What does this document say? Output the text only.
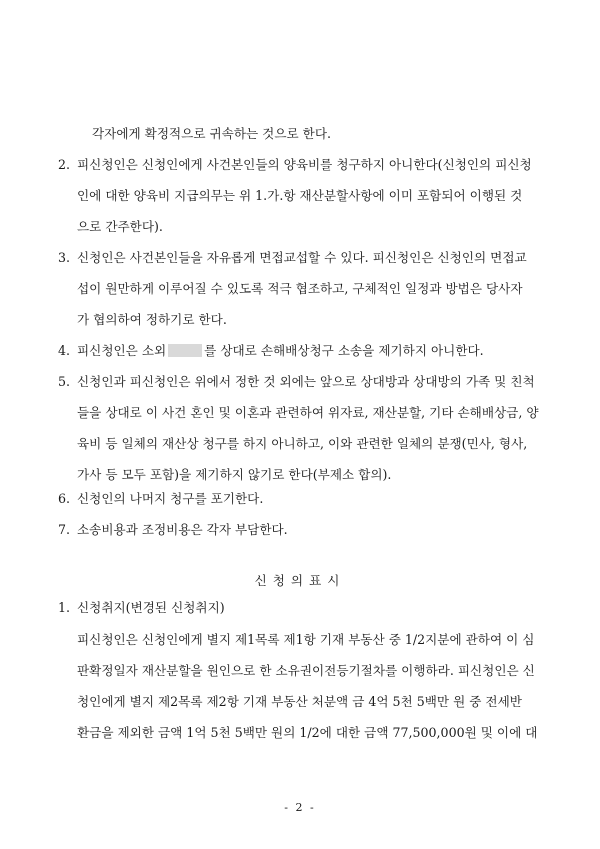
각자에게 확정적으로 귀속하는 것으로 한다.
2. 피신청인은 신청인에게 사건본인들의 양육비를 청구하지 아니한다(신청인의 피신청
인에 대한 양육비 지급의무는 위 1.가.항 재산분할사항에 이미 포함되어 이행된 것
으로 간주한다).
3. 신청인은 사건본인들을 자유롭게 면접교섭할 수 있다. 피신청인은 신청인의 면접교
섭이 원만하게 이루어질 수 있도록 적극 협조하고, 구체적인 일정과 방법은 당사자
가 협의하여 정하기로 한다.
4. 피신청인은 소외	를 상대로 손해배상청구 소송을 제기하지 아니한다.
5. 신청인과 피신청인은 위에서 정한 것 외에는 앞으로 상대방과 상대방의 가족 및 친척
들을 상대로 이 사건 혼인 및 이혼과 관련하여 위자료, 재산분할, 기타 손해배상금, 양
육비 등 일체의 재산상 청구를 하지 아니하고, 이와 관련한 일체의 분쟁(민사, 형사,
가사 등 모두 포함)을 제기하지 않기로 한다(부제소 합의).
6. 신청인의 나머지 청구를 포기한다.
7. 소송비용과 조정비용은 각자 부담한다.
신청의표시
1. 신청취지(변경된 신청취지)
피신청인은 신청인에게 별지 제1목록 제1항 기재 부동산 중 1/2지분에 관하여 이 심
판확정일자 재산분할을 원인으로 한 소유권이전등기절차를 이행하라. 피신청인은 신
청인에게 별지 제2목록 제2항 기재 부동산 처분액 금 4억 5천 5백만 원 중 전세반
환금을 제외한 금액 1억 5천 5백만 원의 1/2에 대한 금액 77,500,000원 및 이에 대
- 2 -
